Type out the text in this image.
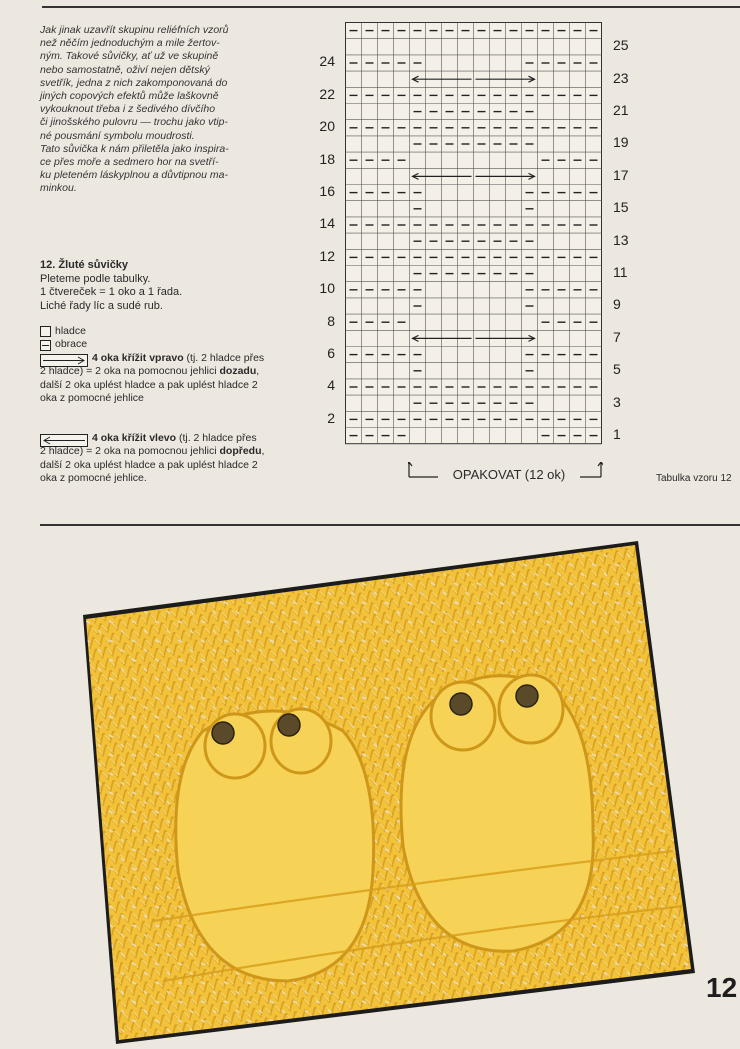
Jak jinak uzavřít skupinu reliéfních vzorů
než něčím jednoduchým a mile žertov-
ným. Takové sůvičky, ať už ve skupině
nebo samostatně, oživí nejen dětský
svetřík, jedna z nich zakomponovaná do
jiných copových efektů může laškovně
vykouknout třeba i z šedivého dívčího
či jinošského pulovru — trochu jako vtip-
né pousmání symbolu moudrosti.
Tato sůvička k nám přiletěla jako inspira-
ce přes moře a sedmero hor na svetří-
ku pleteném láskyplnou a důvtipnou ma-
minkou.

12. Žluté sůvičky
Pleteme podle tabulky.
1 čtvereček = 1 oko a 1 řada.
Liché řady líc a sudé rub.
hladce
obrace
4 oka křížit vpravo (tj. 2 hladce přes 2 hladce) = 2 oka na pomocnou jehlici dozadu, další 2 oka uplést hladce a pak uplést hladce 2 oka z pomocné jehlice
4 oka křížit vlevo (tj. 2 hladce přes 2 hladce) = 2 oka na pomocnou jehlici dopředu, další 2 oka uplést hladce a pak uplést hladce 2 oka z pomocné jehlice.
2
4
6
8
10
12
14
16
18
20
22
24
1
3
5
7
9
11
13
15
17
19
21
23
25
OPAKOVAT (12 ok)	Tabulka vzoru 12
12
